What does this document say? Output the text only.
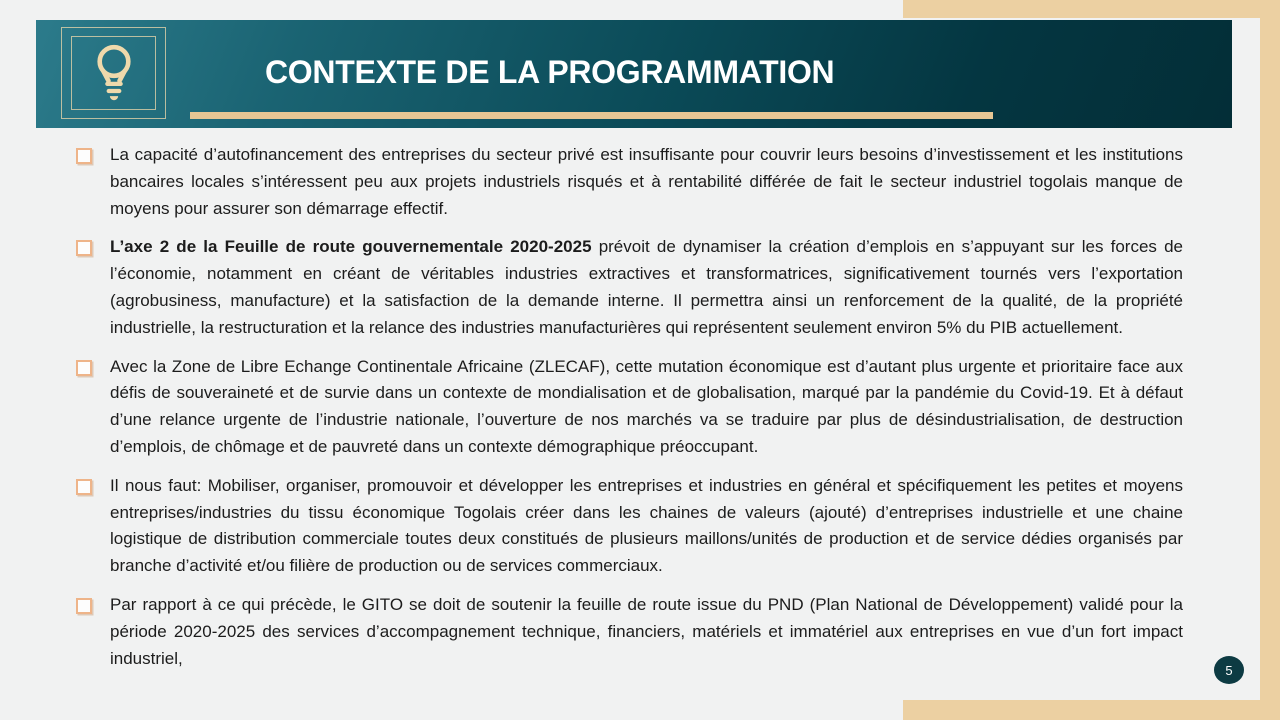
CONTEXTE DE LA PROGRAMMATION
La capacité d’autofinancement des entreprises du secteur privé est insuffisante pour couvrir leurs besoins d’investissement et les institutions bancaires locales s’intéressent peu aux projets industriels risqués et à rentabilité différée de fait le secteur industriel togolais manque de moyens pour assurer son démarrage effectif.
L’axe 2 de la Feuille de route gouvernementale 2020-2025 prévoit de dynamiser la création d’emplois en s’appuyant sur les forces de l’économie, notamment en créant de véritables industries extractives et transformatrices, significativement tournés vers l’exportation (agrobusiness, manufacture) et la satisfaction de la demande interne. Il permettra ainsi un renforcement de la qualité, de la propriété industrielle, la restructuration et la relance des industries manufacturières qui représentent seulement environ 5% du PIB actuellement.
Avec la Zone de Libre Echange Continentale Africaine (ZLECAF), cette mutation économique est d’autant plus urgente et prioritaire face aux défis de souveraineté et de survie dans un contexte de mondialisation et de globalisation, marqué par la pandémie du Covid-19. Et à défaut d’une relance urgente de l’industrie nationale, l’ouverture de nos marchés va se traduire par plus de désindustrialisation, de destruction d’emplois, de chômage et de pauvreté dans un contexte démographique préoccupant.
Il nous faut: Mobiliser, organiser, promouvoir et développer les entreprises et industries en général et spécifiquement les petites et moyens entreprises/industries du tissu économique Togolais créer dans les chaines de valeurs (ajouté) d’entreprises industrielle et une chaine logistique de distribution commerciale toutes deux constitués de plusieurs maillons/unités de production et de service dédies organisés par branche d’activité et/ou filière de production ou de services commerciaux.
Par rapport à ce qui précède, le GITO se doit de soutenir la feuille de route issue du PND (Plan National de Développement) validé pour la période 2020-2025 des services d’accompagnement technique, financiers, matériels et immatériel aux entreprises en vue d’un fort impact industriel,
5
